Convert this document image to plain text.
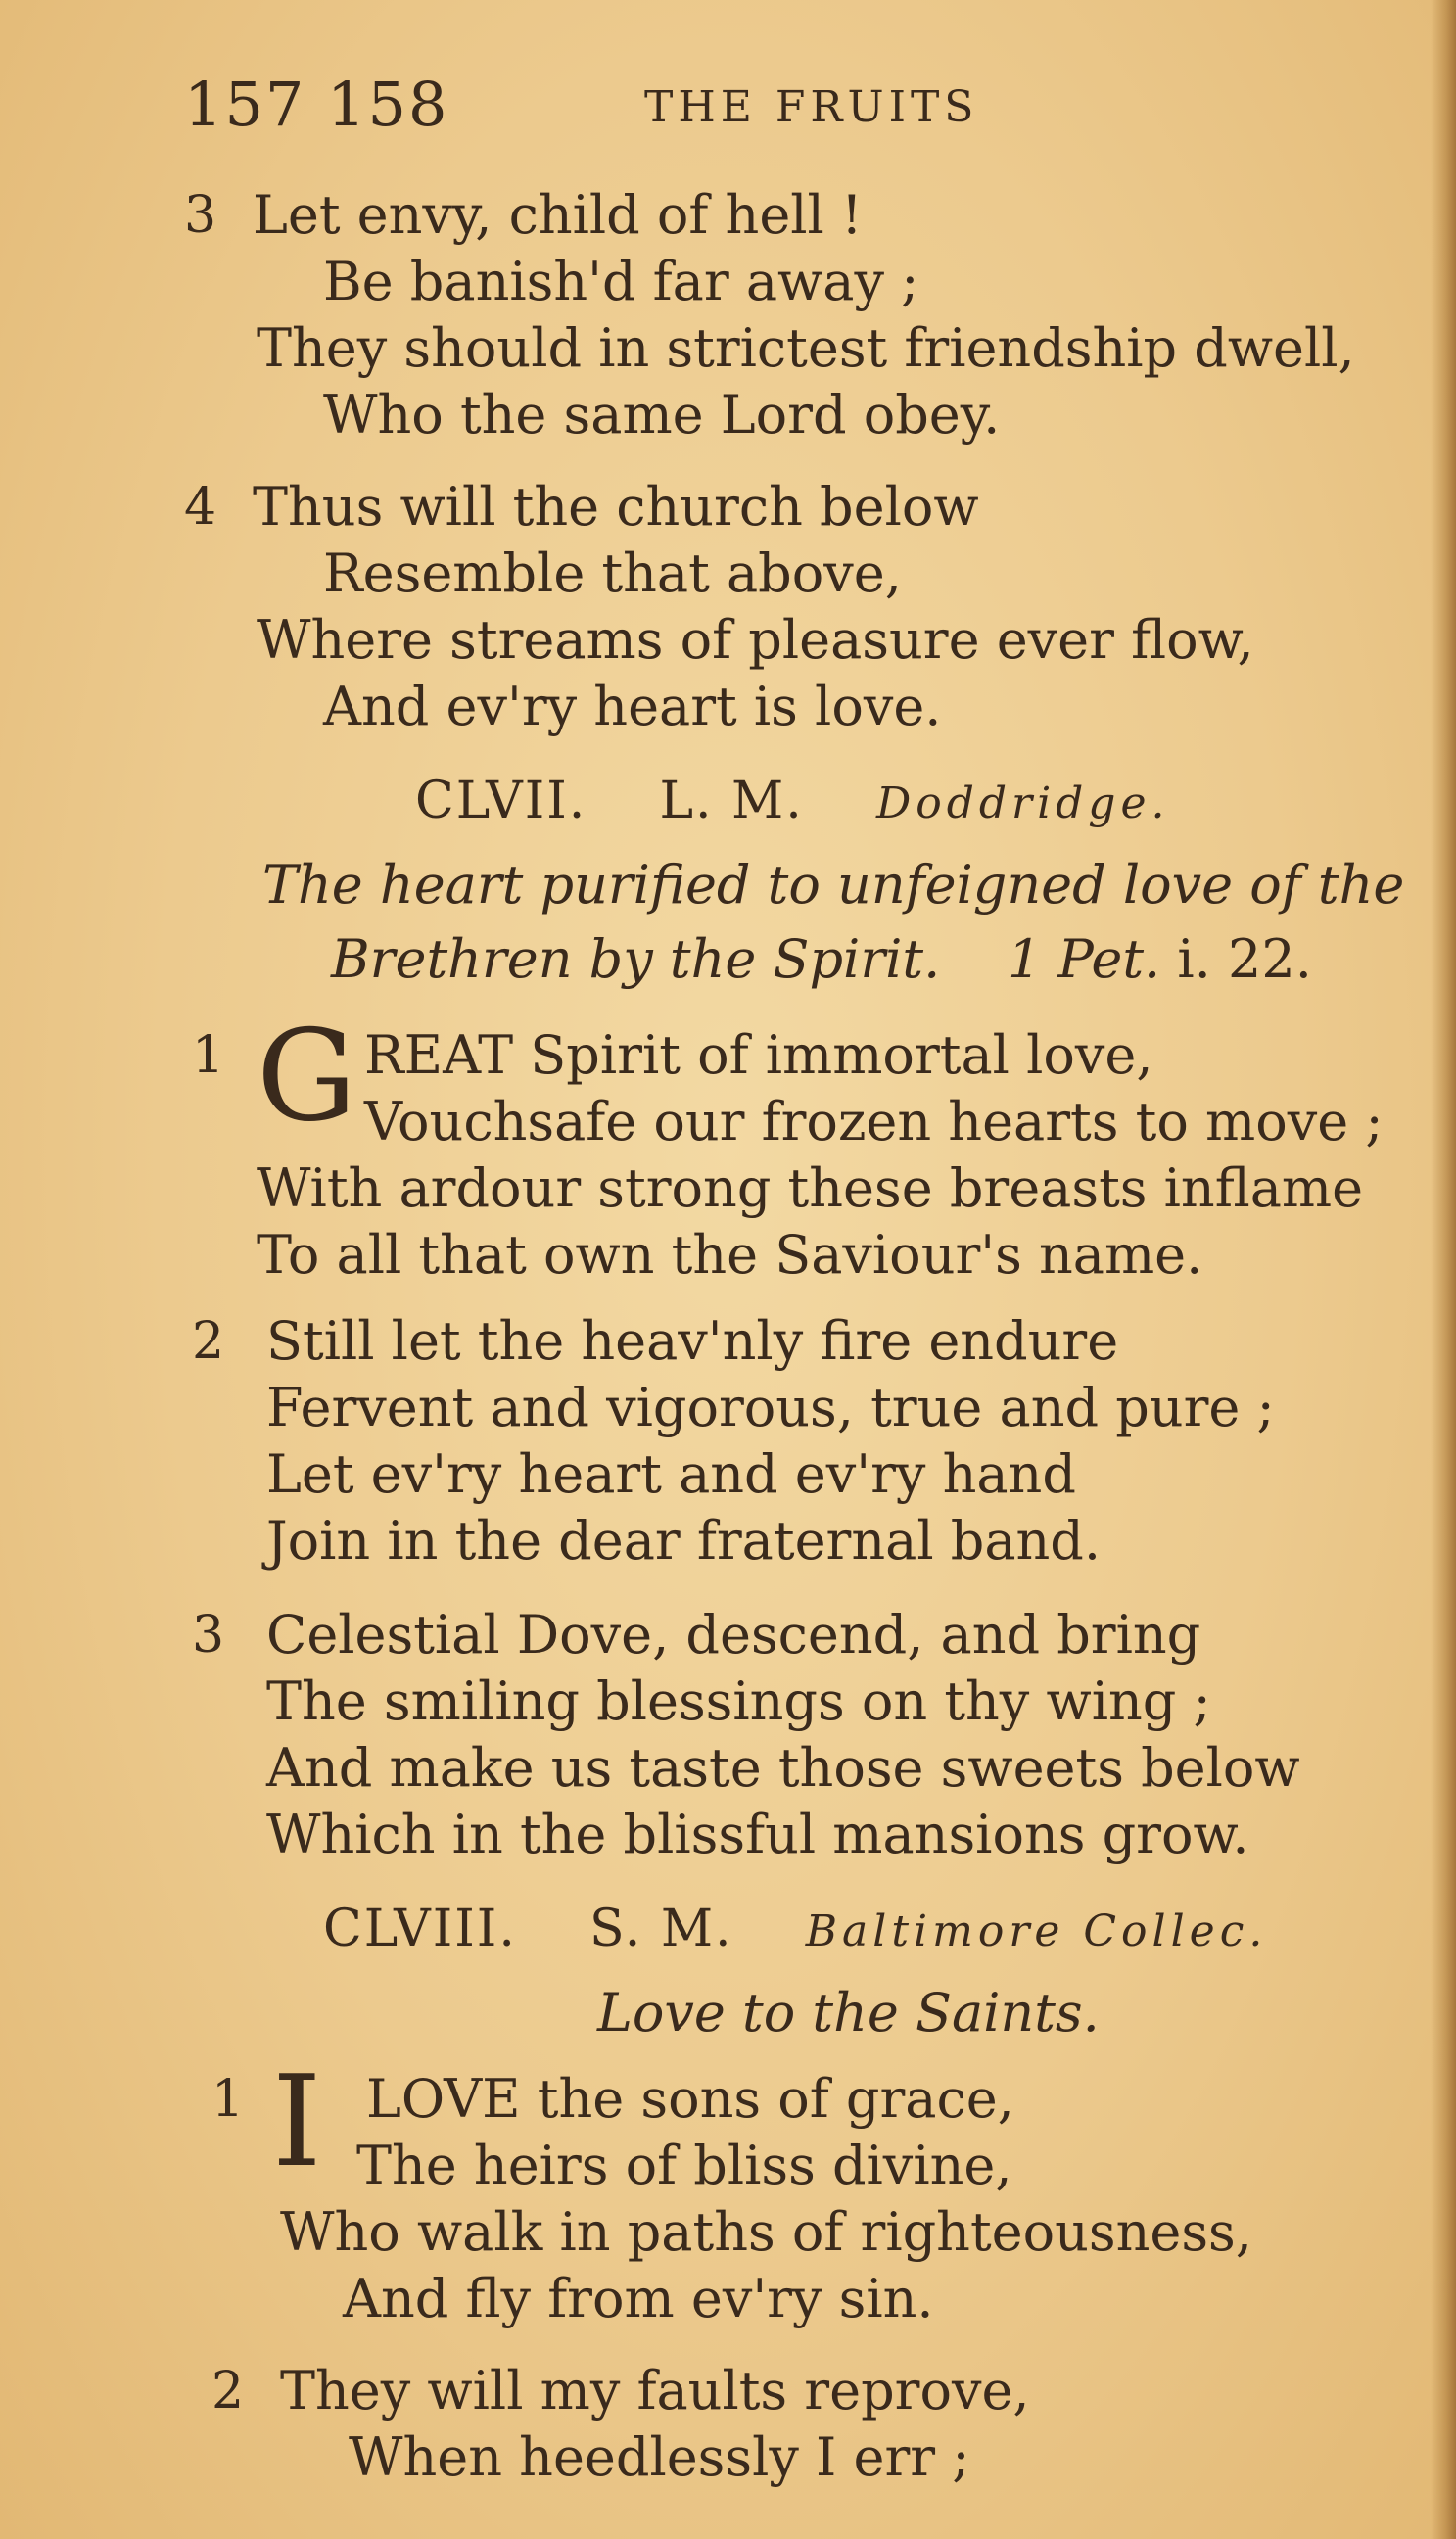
157 158	THE FRUITS
3 Let envy, child of hell !
Be banish'd far away ;
They should in strictest friendship dwell,
Who the same Lord obey.
4 Thus will the church below
Resemble that above,
Where streams of pleasure ever flow,
And ev'ry heart is love.
CLVII. L. M. Doddridge.
The heart purified to unfeigned love of the
Brethren by the Spirit. 1 Pet. i. 22.
1 G REAT Spirit of immortal love,
Vouchsafe our frozen hearts to move ;
With ardour strong these breasts inflame
To all that own the Saviour's name.
2 Still let the heav'nly fire endure
Fervent and vigorous, true and pure ;
Let ev'ry heart and ev'ry hand
Join in the dear fraternal band.
3 Celestial Dove, descend, and bring
The smiling blessings on thy wing ;
And make us taste those sweets below
Which in the blissful mansions grow.
CLVIII. S. M. Baltimore Collec.
Love to the Saints.
1 I LOVE the sons of grace,
The heirs of bliss divine,
Who walk in paths of righteousness,
And fly from ev'ry sin.
2 They will my faults reprove,
When heedlessly I err ;
